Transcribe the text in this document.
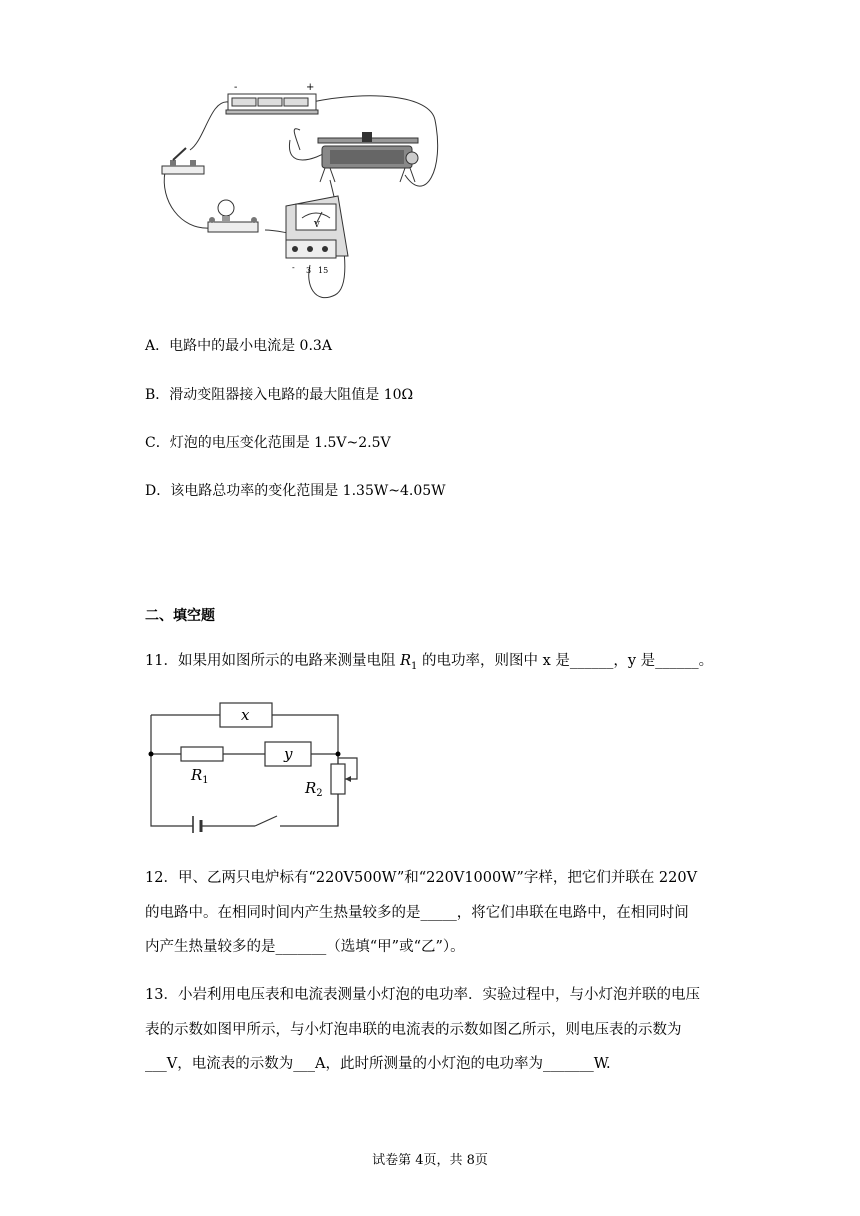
-	+
V
- 3 15
A．电路中的最小电流是 0.3A
B．滑动变阻器接入电路的最大阻值是 10Ω
C．灯泡的电压变化范围是 1.5V~2.5V
D．该电路总功率的变化范围是 1.35W~4.05W
二、填空题
11．如果用如图所示的电路来测量电阻 $R_1$ 的电功率，则图中 x 是______，y 是______。
x
y
$R_1$	$R_2$
12．甲、乙两只电炉标有“220V500W”和“220V1000W”字样，把它们并联在 220V
的电路中。在相同时间内产生热量较多的是_____，将它们串联在电路中，在相同时间
内产生热量较多的是_______（选填“甲”或“乙”）。
13．小岩利用电压表和电流表测量小灯泡的电功率．实验过程中，与小灯泡并联的电压
表的示数如图甲所示，与小灯泡串联的电流表的示数如图乙所示，则电压表的示数为
___V，电流表的示数为___A，此时所测量的小灯泡的电功率为_______W.
试卷第 4页，共 8页
